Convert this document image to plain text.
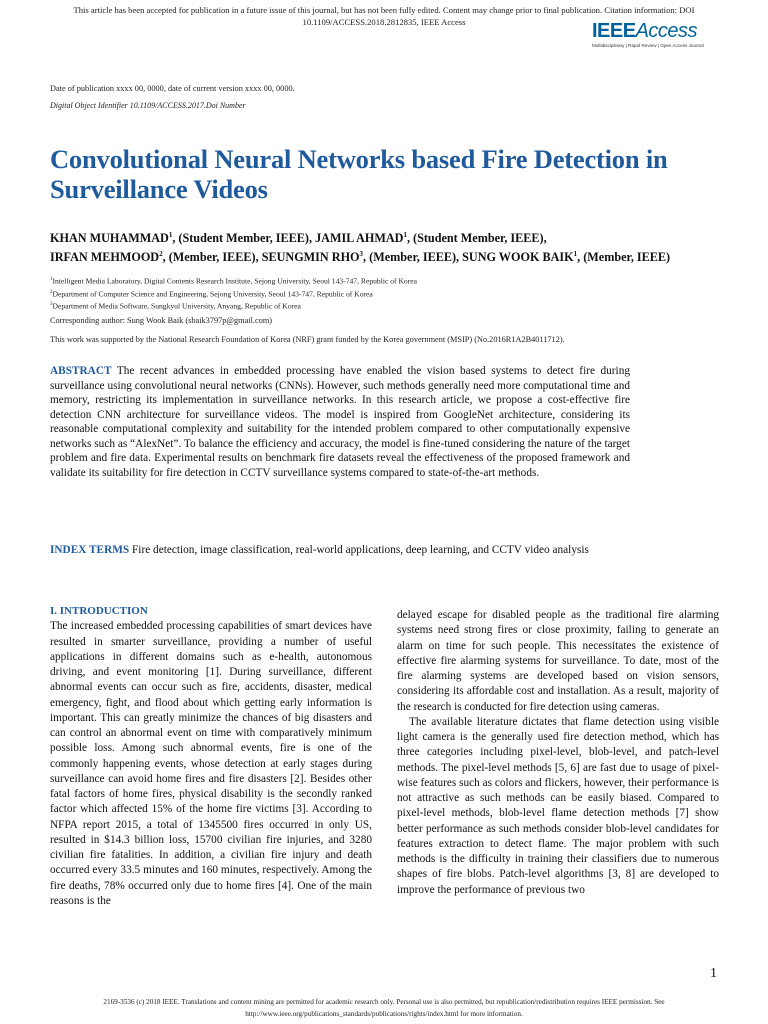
This article has been accepted for publication in a future issue of this journal, but has not been fully edited. Content may change prior to final publication. Citation information: DOI 10.1109/ACCESS.2018.2812835, IEEE Access	IEEEAccess
Multidisciplinary | Rapid Review | Open Access Journal
Date of publication xxxx 00, 0000, date of current version xxxx 00, 0000.
Digital Object Identifier 10.1109/ACCESS.2017.Doi Number
Convolutional Neural Networks based Fire Detection in Surveillance Videos
KHAN MUHAMMAD$^1$, (Student Member, IEEE), JAMIL AHMAD$^1$, (Student Member, IEEE),
IRFAN MEHMOOD$^2$, (Member, IEEE), SEUNGMIN RHO$^3$, (Member, IEEE), SUNG WOOK BAIK$^1$, (Member, IEEE)
$^1$Intelligent Media Laboratory, Digital Contents Research Institute, Sejong University, Seoul 143-747, Republic of Korea
$^2$Department of Computer Science and Engineering, Sejong University, Seoul 143-747, Republic of Korea
$^3$Department of Media Software, Sungkyul University, Anyang, Republic of Korea
Corresponding author: Sung Wook Baik (sbaik3797p@gmail.com)
This work was supported by the National Research Foundation of Korea (NRF) grant funded by the Korea government (MSIP) (No.2016R1A2B4011712).
ABSTRACT The recent advances in embedded processing have enabled the vision based systems to detect fire during surveillance using convolutional neural networks (CNNs). However, such methods generally need more computational time and memory, restricting its implementation in surveillance networks. In this research article, we propose a cost-effective fire detection CNN architecture for surveillance videos. The model is inspired from GoogleNet architecture, considering its reasonable computational complexity and suitability for the intended problem compared to other computationally expensive networks such as “AlexNet”. To balance the efficiency and accuracy, the model is fine-tuned considering the nature of the target problem and fire data. Experimental results on benchmark fire datasets reveal the effectiveness of the proposed framework and validate its suitability for fire detection in CCTV surveillance systems compared to state-of-the-art methods.
INDEX TERMS Fire detection, image classification, real-world applications, deep learning, and CCTV video analysis
I. INTRODUCTION

The increased embedded processing capabilities of smart devices have resulted in smarter surveillance, providing a number of useful applications in different domains such as e-health, autonomous driving, and event monitoring [1]. During surveillance, different abnormal events can occur such as fire, accidents, disaster, medical emergency, fight, and flood about which getting early information is important. This can greatly minimize the chances of big disasters and can control an abnormal event on time with comparatively minimum possible loss. Among such abnormal events, fire is one of the commonly happening events, whose detection at early stages during surveillance can avoid home fires and fire disasters [2]. Besides other fatal factors of home fires, physical disability is the secondly ranked factor which affected 15% of the home fire victims [3]. According to NFPA report 2015, a total of 1345500 fires occurred in only US, resulted in $14.3 billion loss, 15700 civilian fire injuries, and 3280 civilian fire fatalities. In addition, a civilian fire injury and death occurred every 33.5 minutes and 160 minutes, respectively. Among the fire deaths, 78% occurred only due to home fires [4]. One of the main reasons is the

delayed escape for disabled people as the traditional fire alarming systems need strong fires or close proximity, failing to generate an alarm on time for such people. This necessitates the existence of effective fire alarming systems for surveillance. To date, most of the fire alarming systems are developed based on vision sensors, considering its affordable cost and installation. As a result, majority of the research is conducted for fire detection using cameras.

The available literature dictates that flame detection using visible light camera is the generally used fire detection method, which has three categories including pixel-level, blob-level, and patch-level methods. The pixel-level methods [5, 6] are fast due to usage of pixel-wise features such as colors and flickers, however, their performance is not attractive as such methods can be easily biased. Compared to pixel-level methods, blob-level flame detection methods [7] show better performance as such methods consider blob-level candidates for features extraction to detect flame. The major problem with such methods is the difficulty in training their classifiers due to numerous shapes of fire blobs. Patch-level algorithms [3, 8] are developed to improve the performance of previous two

1
2169-3536 (c) 2018 IEEE. Translations and content mining are permitted for academic research only. Personal use is also permitted, but republication/redistribution requires IEEE permission. See http://www.ieee.org/publications_standards/publications/rights/index.html for more information.
